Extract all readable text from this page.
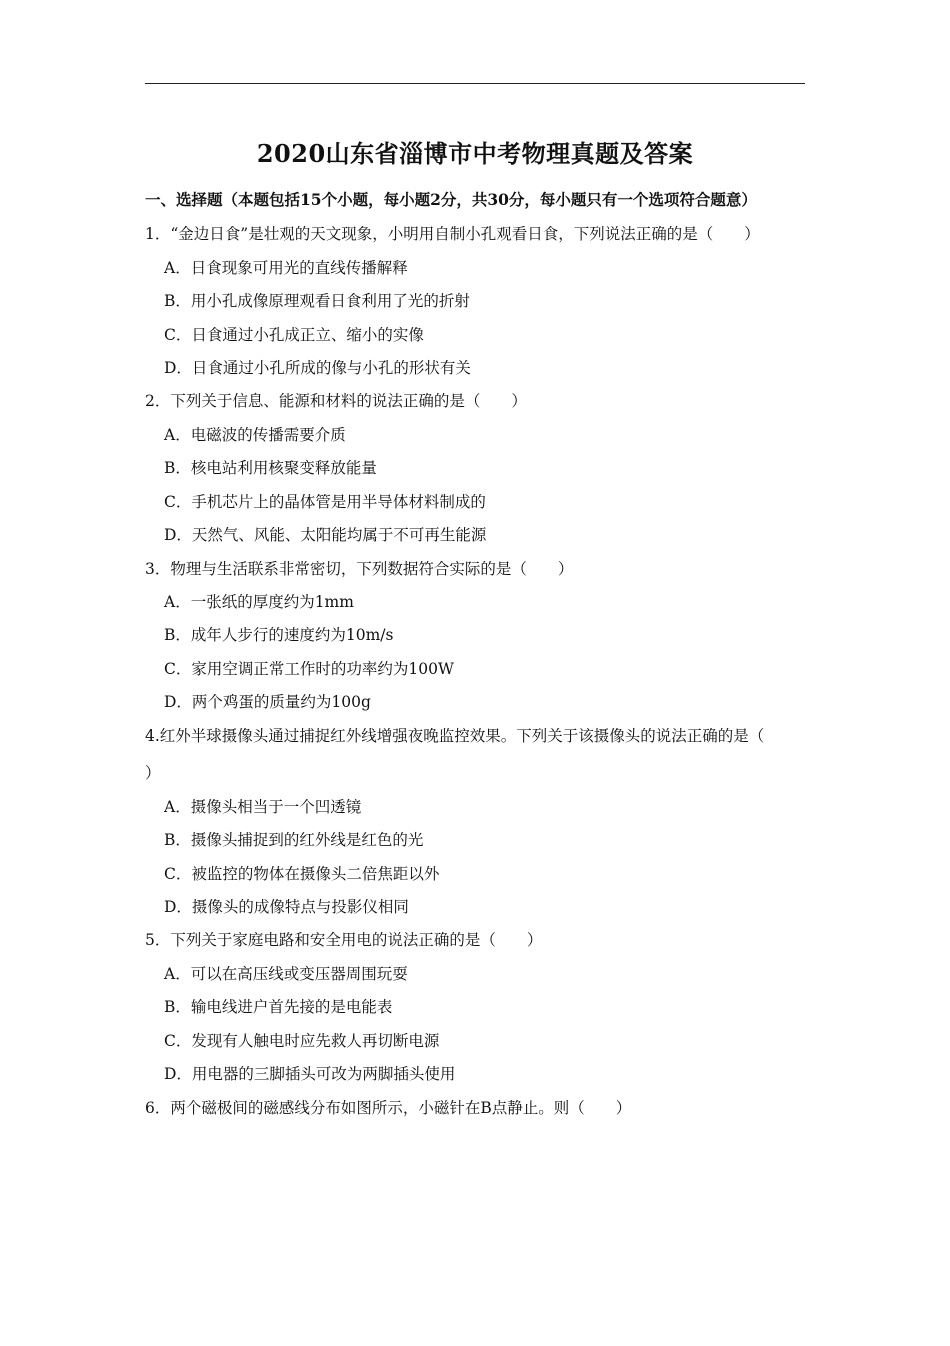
2020山东省淄博市中考物理真题及答案
一、选择题（本题包括15个小题，每小题2分，共30分，每小题只有一个选项符合题意）
1．“金边日食”是壮观的天文现象，小明用自制小孔观看日食，下列说法正确的是（　　）
A．日食现象可用光的直线传播解释
B．用小孔成像原理观看日食利用了光的折射
C．日食通过小孔成正立、缩小的实像
D．日食通过小孔所成的像与小孔的形状有关
2．下列关于信息、能源和材料的说法正确的是（　　）
A．电磁波的传播需要介质
B．核电站利用核聚变释放能量
C．手机芯片上的晶体管是用半导体材料制成的
D．天然气、风能、太阳能均属于不可再生能源
3．物理与生活联系非常密切，下列数据符合实际的是（　　）
A．一张纸的厚度约为1mm
B．成年人步行的速度约为10m/s
C．家用空调正常工作时的功率约为100W
D．两个鸡蛋的质量约为100g
4.红外半球摄像头通过捕捉红外线增强夜晚监控效果。下列关于该摄像头的说法正确的是（
）
A．摄像头相当于一个凹透镜
B．摄像头捕捉到的红外线是红色的光
C．被监控的物体在摄像头二倍焦距以外
D．摄像头的成像特点与投影仪相同
5．下列关于家庭电路和安全用电的说法正确的是（　　）
A．可以在高压线或变压器周围玩耍
B．输电线进户首先接的是电能表
C．发现有人触电时应先救人再切断电源
D．用电器的三脚插头可改为两脚插头使用
6．两个磁极间的磁感线分布如图所示，小磁针在B点静止。则（　　）
